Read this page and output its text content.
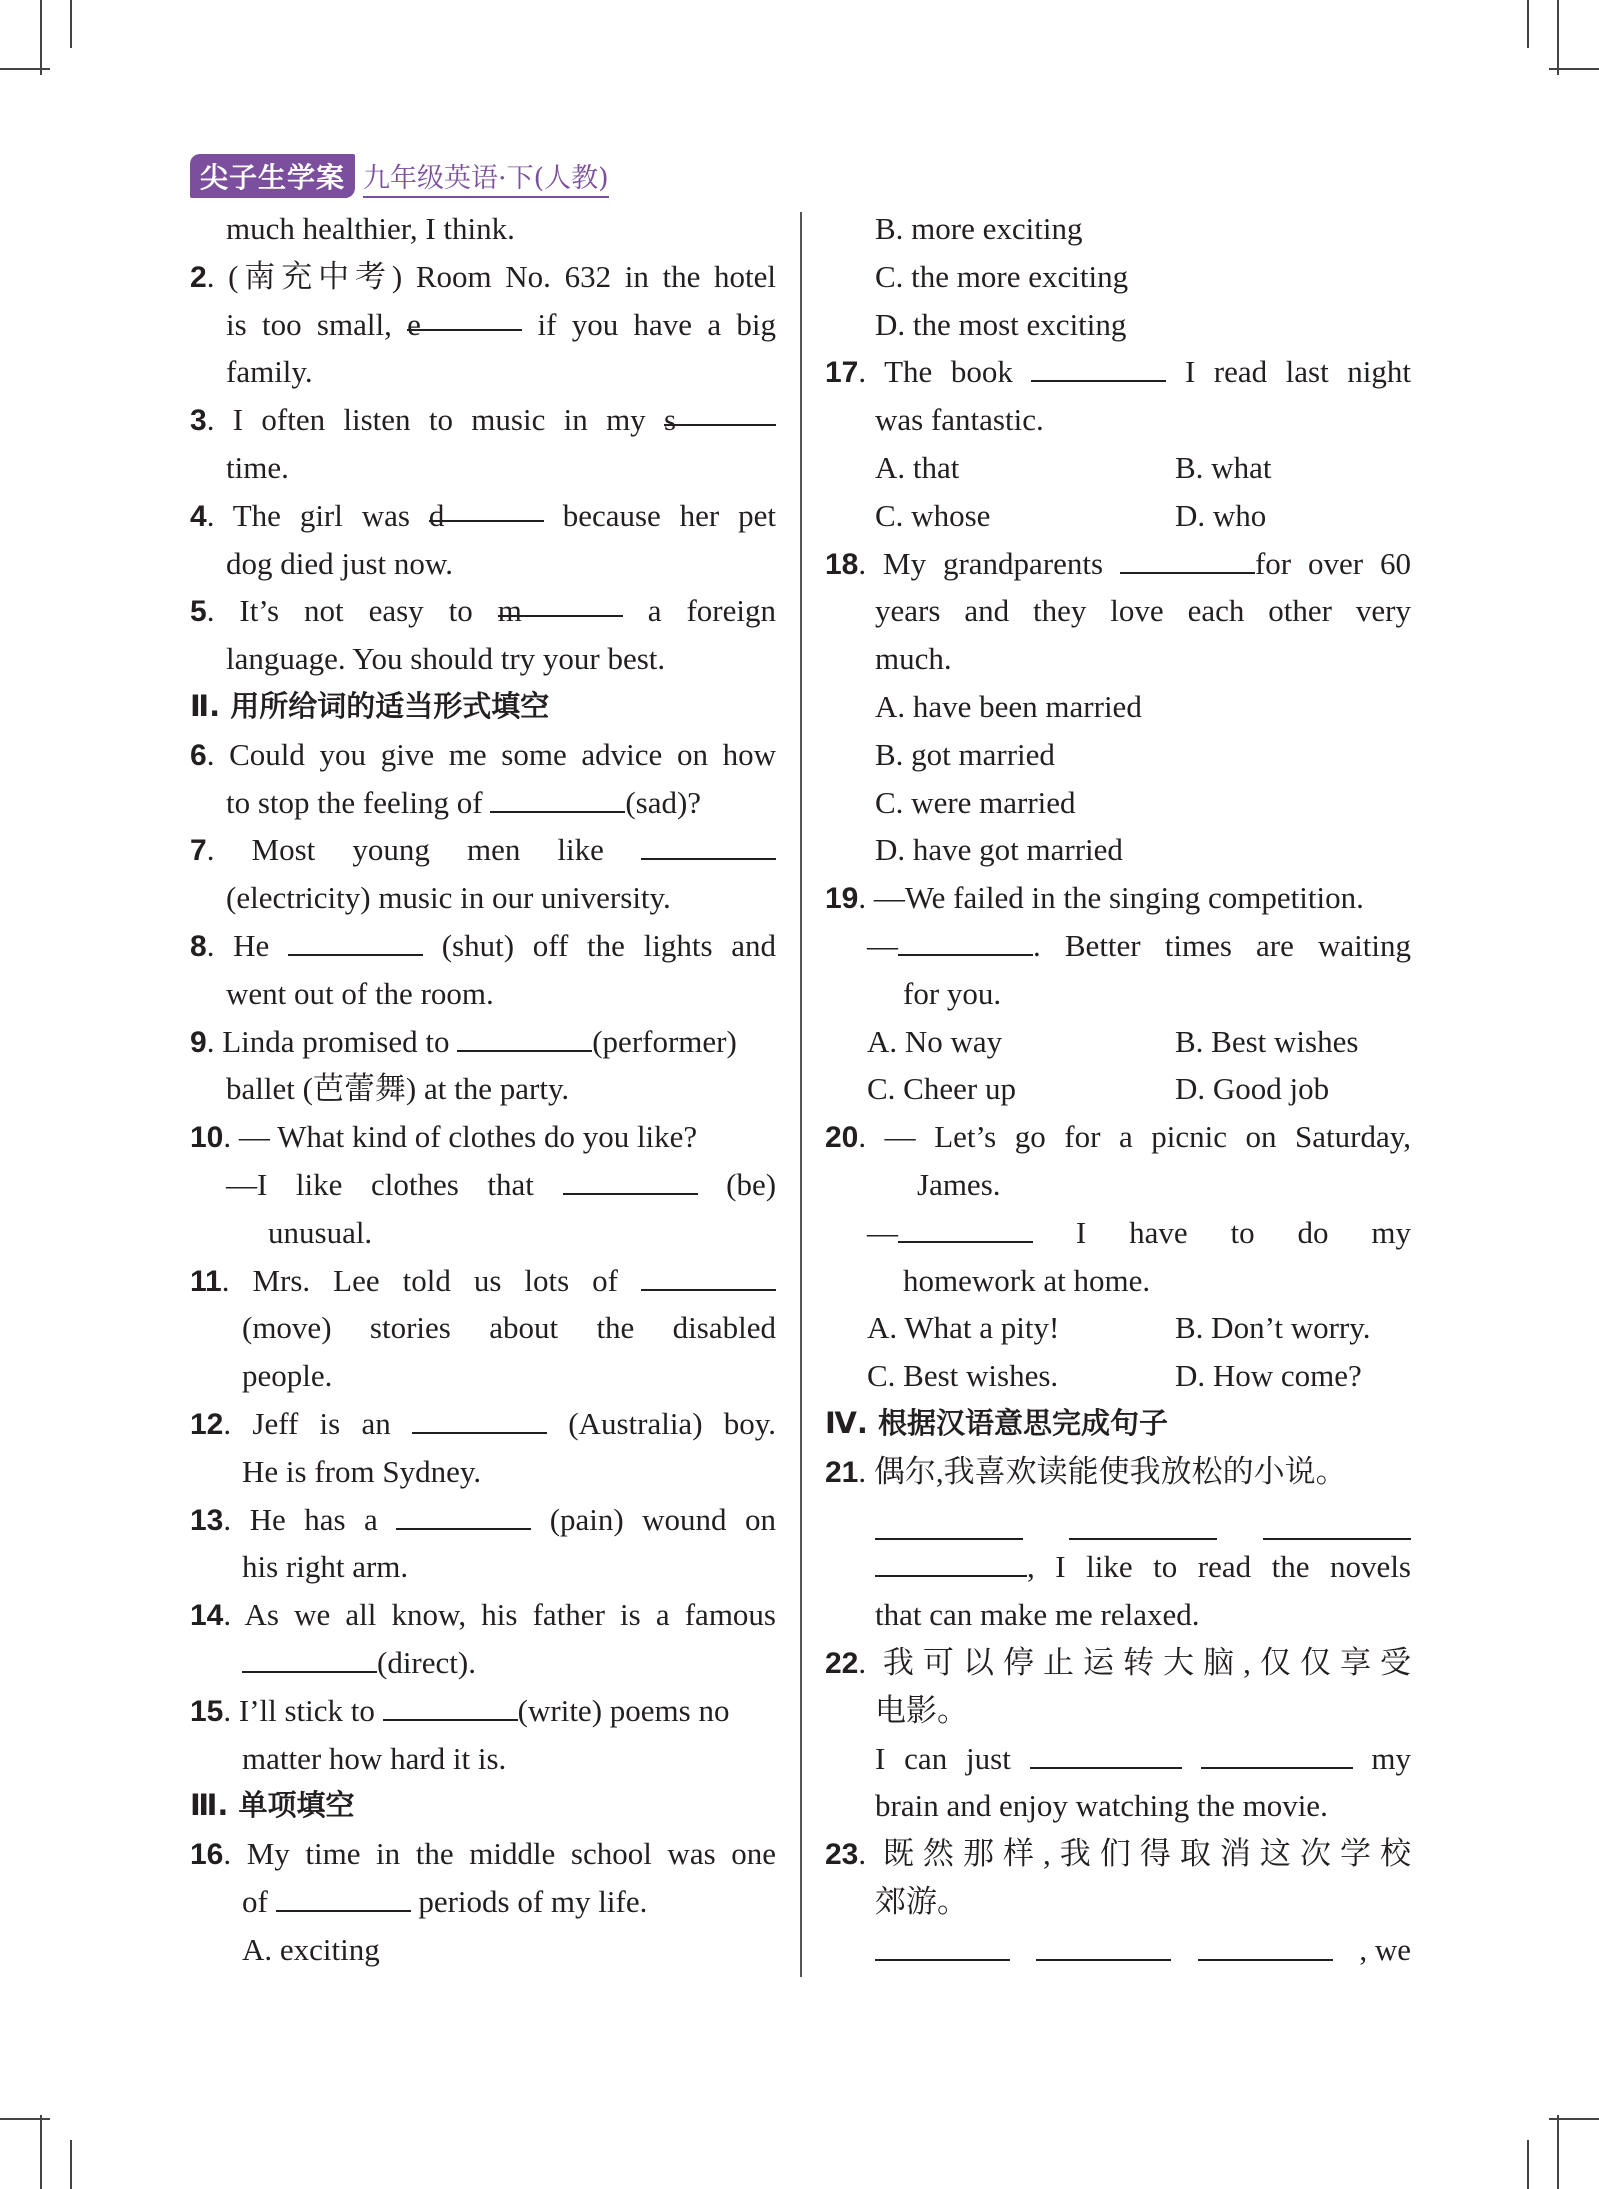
尖子生学案 九年级英语·下(人教)
much healthier, I think.
2. (南充中考) Room No. 632 in the hotel
is too small, e	if you have a big
family.
3. I often listen to music in my s
time.
4. The girl was d	because her pet
dog died just now.
5. It’s not easy to m	a foreign
language. You should try your best.
Ⅱ. 用所给词的适当形式填空
6. Could you give me some advice on how
to stop the feeling of	(sad)?
7. Most young men like
(electricity) music in our university.
8. He	(shut) off the lights and
went out of the room.
9. Linda promised to	(performer)
ballet (芭蕾舞) at the party.
10. — What kind of clothes do you like?
—I like clothes that	(be)
unusual.
11. Mrs. Lee told us lots of
(move) stories about the disabled
people.
12. Jeff is an	(Australia) boy.
He is from Sydney.
13. He has a	(pain) wound on
his right arm.
14. As we all know, his father is a famous
(direct).
15. I’ll stick to	(write) poems no
matter how hard it is.
Ⅲ. 单项填空
16. My time in the middle school was one
of	periods of my life.
A. exciting
B. more exciting
C. the more exciting
D. the most exciting
17. The book	I read last night
was fantastic.
A. that	B. what
C. whose	D. who
18. My grandparents	for over 60
years and they love each other very
much.
A. have been married
B. got married
C. were married
D. have got married
19. —We failed in the singing competition.
—	. Better times are waiting
for you.
A. No way	B. Best wishes
C. Cheer up	D. Good job
20. — Let’s go for a picnic on Saturday,
James.
—	I have to do my
homework at home.
A. What a pity!	B. Don’t worry.
C. Best wishes.	D. How come?
Ⅳ. 根据汉语意思完成句子
21. 偶尔,我喜欢读能使我放松的小说。
, I like to read the novels
that can make me relaxed.
22. 我可以停止运转大脑,仅仅享受
电影。
I can just	my
brain and enjoy watching the movie.
23. 既然那样,我们得取消这次学校
郊游。
, we
